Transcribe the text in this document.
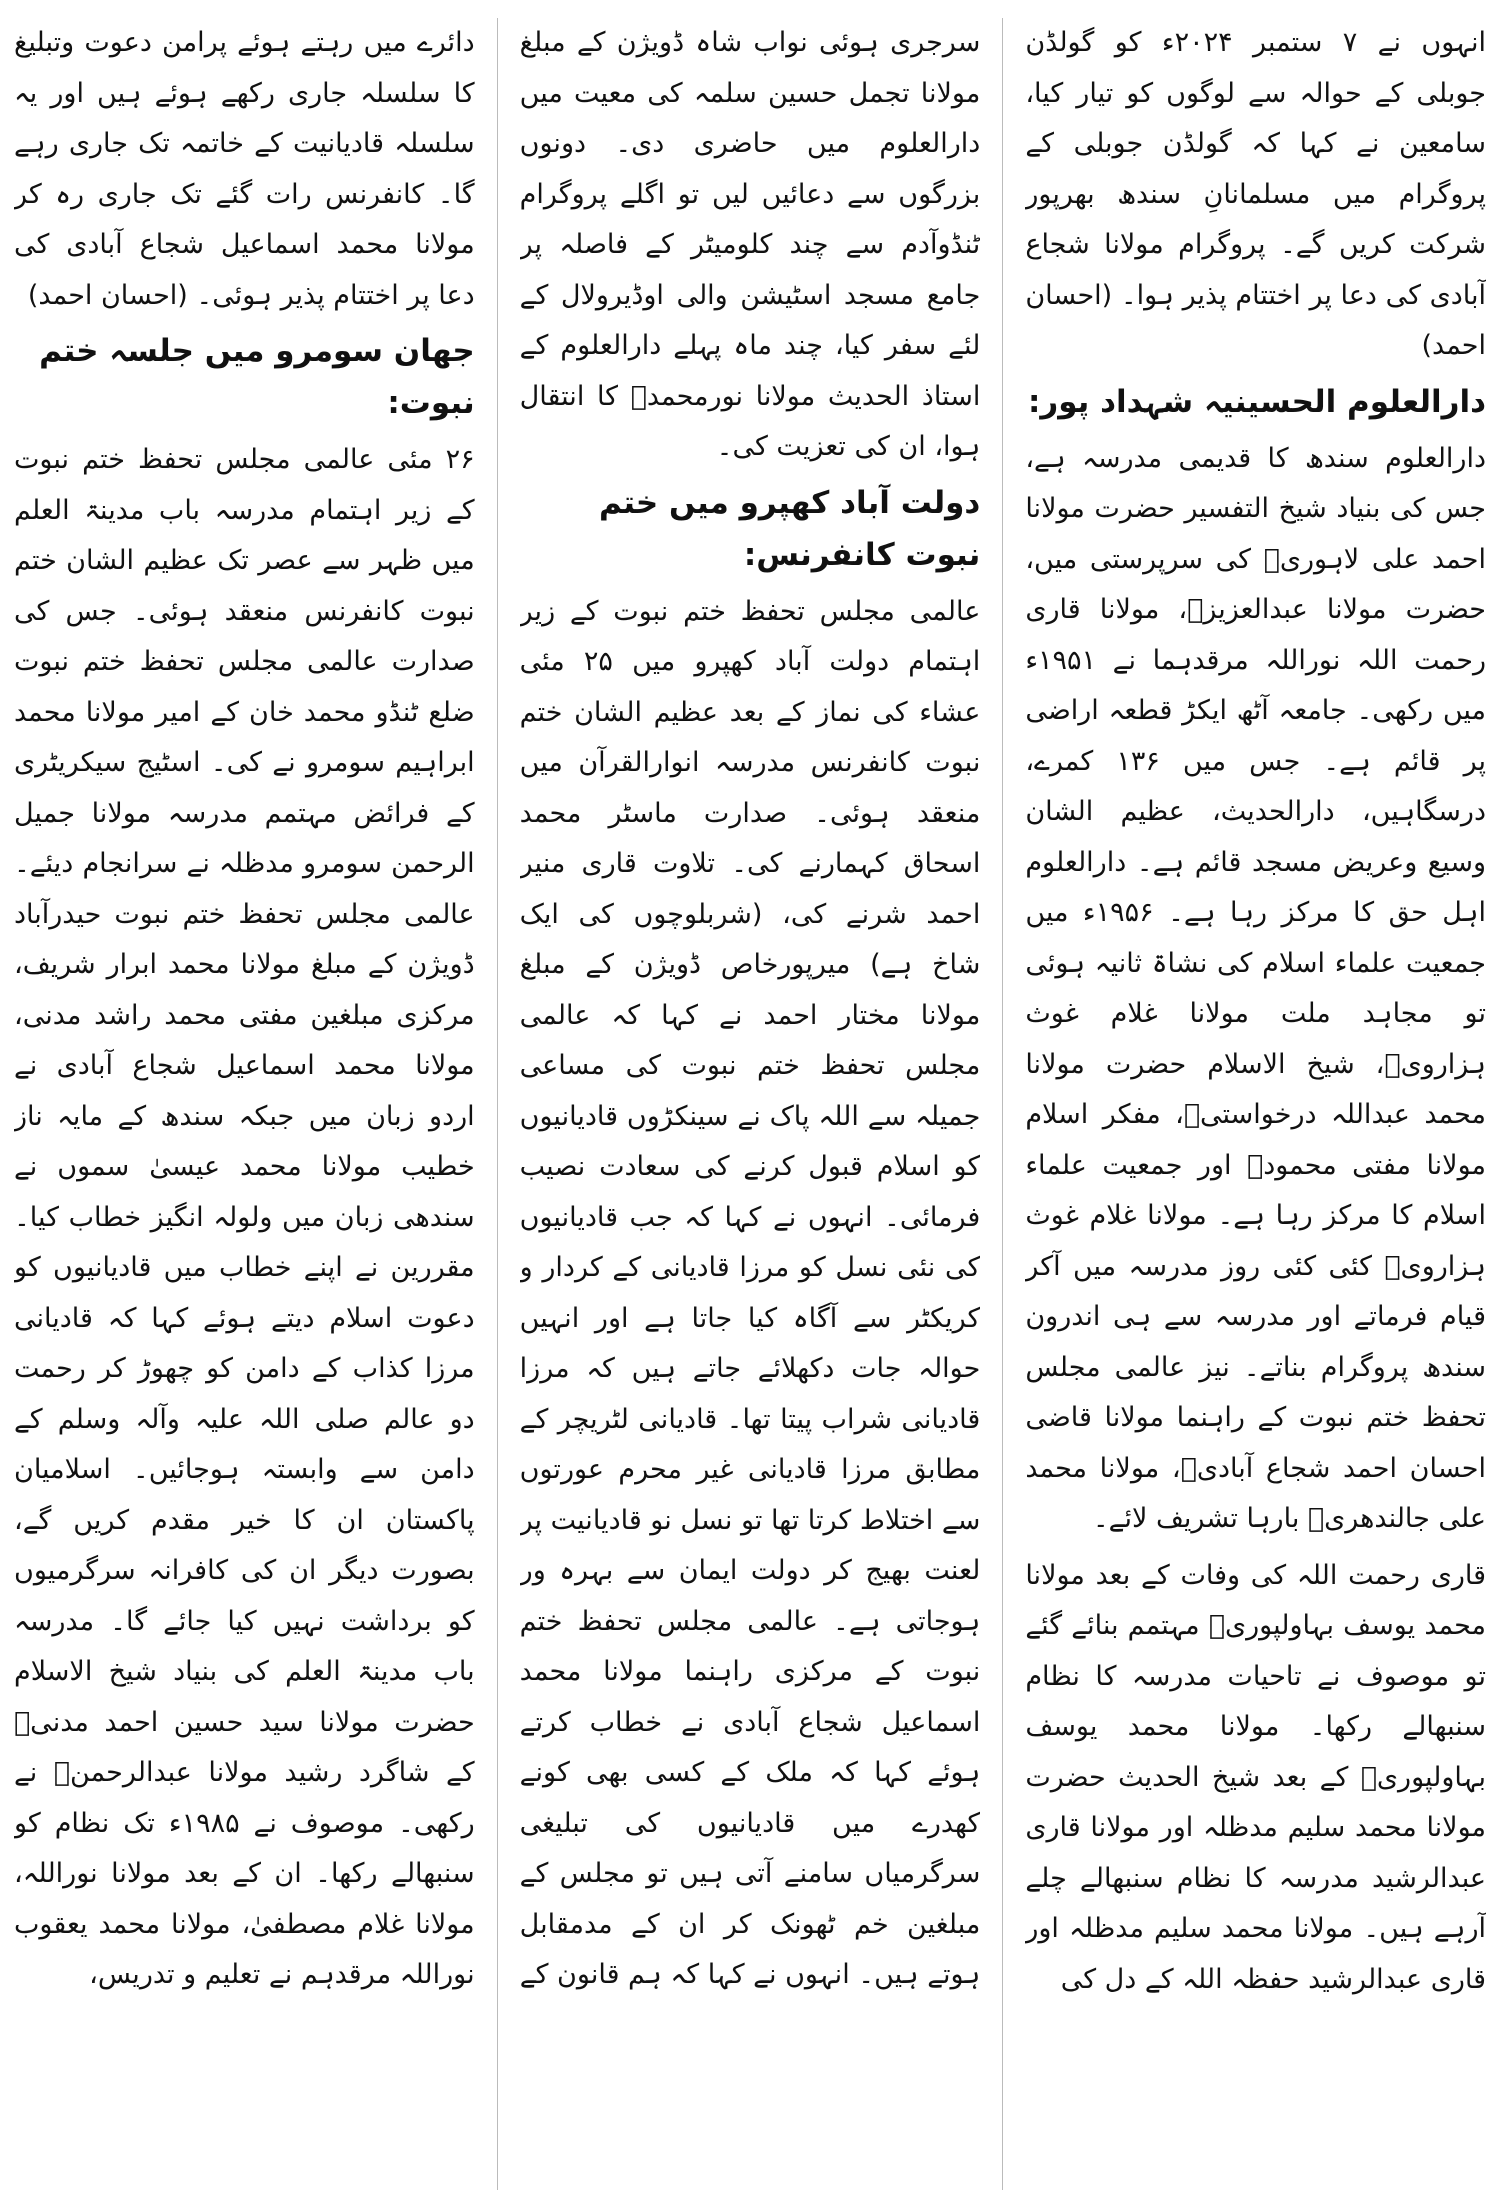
انہوں نے ۷ ستمبر ۲۰۲۴ء کو گولڈن جوبلی کے حوالہ سے لوگوں کو تیار کیا، سامعین نے کہا کہ گولڈن جوبلی کے پروگرام میں مسلمانانِ سندھ بھرپور شرکت کریں گے۔ پروگرام مولانا شجاع آبادی کی دعا پر اختتام پذیر ہوا۔ (احسان احمد)

دارالعلوم الحسینیہ شہداد پور:

دارالعلوم سندھ کا قدیمی مدرسہ ہے، جس کی بنیاد شیخ التفسیر حضرت مولانا احمد علی لاہوریؒ کی سرپرستی میں، حضرت مولانا عبدالعزیزؒ، مولانا قاری رحمت اللہ نوراللہ مرقدہما نے ۱۹۵۱ء میں رکھی۔ جامعہ آٹھ ایکڑ قطعہ اراضی پر قائم ہے۔ جس میں ۱۳۶ کمرے، درسگاہیں، دارالحدیث، عظیم الشان وسیع وعریض مسجد قائم ہے۔ دارالعلوم اہل حق کا مرکز رہا ہے۔ ۱۹۵۶ء میں جمعیت علماء اسلام کی نشاۃ ثانیہ ہوئی تو مجاہد ملت مولانا غلام غوث ہزارویؒ، شیخ الاسلام حضرت مولانا محمد عبداللہ درخواستیؒ، مفکر اسلام مولانا مفتی محمودؒ اور جمعیت علماء اسلام کا مرکز رہا ہے۔ مولانا غلام غوث ہزارویؒ کئی کئی روز مدرسہ میں آکر قیام فرماتے اور مدرسہ سے ہی اندرون سندھ پروگرام بناتے۔ نیز عالمی مجلس تحفظ ختم نبوت کے راہنما مولانا قاضی احسان احمد شجاع آبادیؒ، مولانا محمد علی جالندھریؒ بارہا تشریف لائے۔

قاری رحمت اللہ کی وفات کے بعد مولانا محمد یوسف بہاولپوریؒ مہتمم بنائے گئے تو موصوف نے تاحیات مدرسہ کا نظام سنبھالے رکھا۔ مولانا محمد یوسف بہاولپوریؒ کے بعد شیخ الحدیث حضرت مولانا محمد سلیم مدظلہ اور مولانا قاری عبدالرشید مدرسہ کا نظام سنبھالے چلے آرہے ہیں۔ مولانا محمد سلیم مدظلہ اور قاری عبدالرشید حفظہ اللہ کے دل کی

سرجری ہوئی نواب شاہ ڈویژن کے مبلغ مولانا تجمل حسین سلمہ کی معیت میں دارالعلوم میں حاضری دی۔ دونوں بزرگوں سے دعائیں لیں تو اگلے پروگرام ٹنڈوآدم سے چند کلومیٹر کے فاصلہ پر جامع مسجد اسٹیشن والی اوڈیرولال کے لئے سفر کیا، چند ماہ پہلے دارالعلوم کے استاذ الحدیث مولانا نورمحمدؒ کا انتقال ہوا، ان کی تعزیت کی۔

دولت آباد کھپرو میں ختم نبوت کانفرنس:

عالمی مجلس تحفظ ختم نبوت کے زیر اہتمام دولت آباد کھپرو میں ۲۵ مئی عشاء کی نماز کے بعد عظیم الشان ختم نبوت کانفرنس مدرسہ انوارالقرآن میں منعقد ہوئی۔ صدارت ماسٹر محمد اسحاق کہمارنے کی۔ تلاوت قاری منیر احمد شرنے کی، (شربلوچوں کی ایک شاخ ہے) میرپورخاص ڈویژن کے مبلغ مولانا مختار احمد نے کہا کہ عالمی مجلس تحفظ ختم نبوت کی مساعی جمیلہ سے اللہ پاک نے سینکڑوں قادیانیوں کو اسلام قبول کرنے کی سعادت نصیب فرمائی۔ انہوں نے کہا کہ جب قادیانیوں کی نئی نسل کو مرزا قادیانی کے کردار و کریکٹر سے آگاہ کیا جاتا ہے اور انہیں حوالہ جات دکھلائے جاتے ہیں کہ مرزا قادیانی شراب پیتا تھا۔ قادیانی لٹریچر کے مطابق مرزا قادیانی غیر محرم عورتوں سے اختلاط کرتا تھا تو نسل نو قادیانیت پر لعنت بھیج کر دولت ایمان سے بہرہ ور ہوجاتی ہے۔ عالمی مجلس تحفظ ختم نبوت کے مرکزی راہنما مولانا محمد اسماعیل شجاع آبادی نے خطاب کرتے ہوئے کہا کہ ملک کے کسی بھی کونے کھدرے میں قادیانیوں کی تبلیغی سرگرمیاں سامنے آتی ہیں تو مجلس کے مبلغین خم ٹھونک کر ان کے مدمقابل ہوتے ہیں۔ انہوں نے کہا کہ ہم قانون کے

دائرے میں رہتے ہوئے پرامن دعوت وتبلیغ کا سلسلہ جاری رکھے ہوئے ہیں اور یہ سلسلہ قادیانیت کے خاتمہ تک جاری رہے گا۔ کانفرنس رات گئے تک جاری رہ کر مولانا محمد اسماعیل شجاع آبادی کی دعا پر اختتام پذیر ہوئی۔ (احسان احمد)

جھان سومرو میں جلسہ ختم نبوت:

۲۶ مئی عالمی مجلس تحفظ ختم نبوت کے زیر اہتمام مدرسہ باب مدینۃ العلم میں ظہر سے عصر تک عظیم الشان ختم نبوت کانفرنس منعقد ہوئی۔ جس کی صدارت عالمی مجلس تحفظ ختم نبوت ضلع ٹنڈو محمد خان کے امیر مولانا محمد ابراہیم سومرو نے کی۔ اسٹیج سیکریٹری کے فرائض مہتمم مدرسہ مولانا جمیل الرحمن سومرو مدظلہ نے سرانجام دیئے۔ عالمی مجلس تحفظ ختم نبوت حیدرآباد ڈویژن کے مبلغ مولانا محمد ابرار شریف، مرکزی مبلغین مفتی محمد راشد مدنی، مولانا محمد اسماعیل شجاع آبادی نے اردو زبان میں جبکہ سندھ کے مایہ ناز خطیب مولانا محمد عیسیٰ سموں نے سندھی زبان میں ولولہ انگیز خطاب کیا۔ مقررین نے اپنے خطاب میں قادیانیوں کو دعوت اسلام دیتے ہوئے کہا کہ قادیانی مرزا کذاب کے دامن کو چھوڑ کر رحمت دو عالم صلی اللہ علیہ وآلہ وسلم کے دامن سے وابستہ ہوجائیں۔ اسلامیان پاکستان ان کا خیر مقدم کریں گے، بصورت دیگر ان کی کافرانہ سرگرمیوں کو برداشت نہیں کیا جائے گا۔ مدرسہ باب مدینۃ العلم کی بنیاد شیخ الاسلام حضرت مولانا سید حسین احمد مدنیؒ کے شاگرد رشید مولانا عبدالرحمنؒ نے رکھی۔ موصوف نے ۱۹۸۵ء تک نظام کو سنبھالے رکھا۔ ان کے بعد مولانا نوراللہ، مولانا غلام مصطفیٰ، مولانا محمد یعقوب نوراللہ مرقدہم نے تعلیم و تدریس،
